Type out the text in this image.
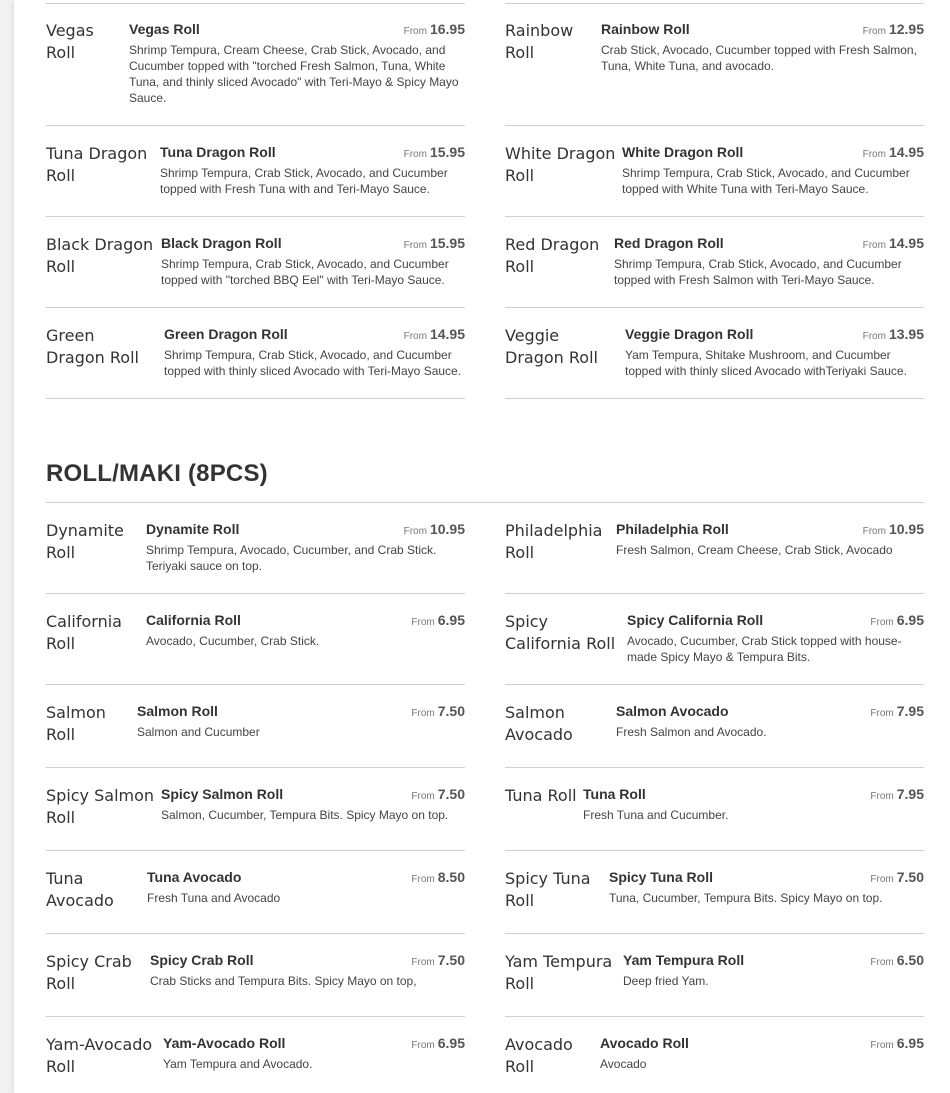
ROLL/MAKI (8PCS)
Vegas Roll
Vegas Roll	From 16.95
Shrimp Tempura, Cream Cheese, Crab Stick, Avocado, and Cucumber topped with "torched Fresh Salmon, Tuna, White Tuna, and thinly sliced Avocado" with Teri-Mayo & Spicy Mayo Sauce.
Tuna Dragon Roll
Tuna Dragon Roll	From 15.95
Shrimp Tempura, Crab Stick, Avocado, and Cucumber topped with Fresh Tuna with and Teri-Mayo Sauce.
Black Dragon Roll
Black Dragon Roll	From 15.95
Shrimp Tempura, Crab Stick, Avocado, and Cucumber topped with "torched BBQ Eel" with Teri-Mayo Sauce.
Green Dragon Roll
Green Dragon Roll	From 14.95
Shrimp Tempura, Crab Stick, Avocado, and Cucumber topped with thinly sliced Avocado with Teri-Mayo Sauce.
Rainbow Roll
Rainbow Roll	From 12.95
Crab Stick, Avocado, Cucumber topped with Fresh Salmon, Tuna, White Tuna, and avocado.
White Dragon Roll
White Dragon Roll	From 14.95
Shrimp Tempura, Crab Stick, Avocado, and Cucumber topped with White Tuna with Teri-Mayo Sauce.
Red Dragon Roll
Red Dragon Roll	From 14.95
Shrimp Tempura, Crab Stick, Avocado, and Cucumber topped with Fresh Salmon with Teri-Mayo Sauce.
Veggie Dragon Roll
Veggie Dragon Roll	From 13.95
Yam Tempura, Shitake Mushroom, and Cucumber topped with thinly sliced Avocado withTeriyaki Sauce.
Dynamite Roll
Dynamite Roll	From 10.95
Shrimp Tempura, Avocado, Cucumber, and Crab Stick. Teriyaki sauce on top.
California Roll
California Roll	From 6.95
Avocado, Cucumber, Crab Stick.
Salmon Roll
Salmon Roll	From 7.50
Salmon and Cucumber
Spicy Salmon Roll
Spicy Salmon Roll	From 7.50
Salmon, Cucumber, Tempura Bits. Spicy Mayo on top.
Tuna Avocado
Tuna Avocado	From 8.50
Fresh Tuna and Avocado
Spicy Crab Roll
Spicy Crab Roll	From 7.50
Crab Sticks and Tempura Bits. Spicy Mayo on top,
Yam-Avocado Roll
Yam-Avocado Roll	From 6.95
Yam Tempura and Avocado.
Philadelphia Roll
Philadelphia Roll	From 10.95
Fresh Salmon, Cream Cheese, Crab Stick, Avocado
Spicy California Roll
Spicy California Roll	From 6.95
Avocado, Cucumber, Crab Stick topped with house-made Spicy Mayo & Tempura Bits.
Salmon Avocado
Salmon Avocado	From 7.95
Fresh Salmon and Avocado.
Tuna Roll Tuna Roll	From 7.95
Fresh Tuna and Cucumber.
Spicy Tuna Roll
Spicy Tuna Roll	From 7.50
Tuna, Cucumber, Tempura Bits. Spicy Mayo on top.
Yam Tempura Roll
Yam Tempura Roll	From 6.50
Deep fried Yam.
Avocado Roll
Avocado Roll	From 6.95
Avocado
